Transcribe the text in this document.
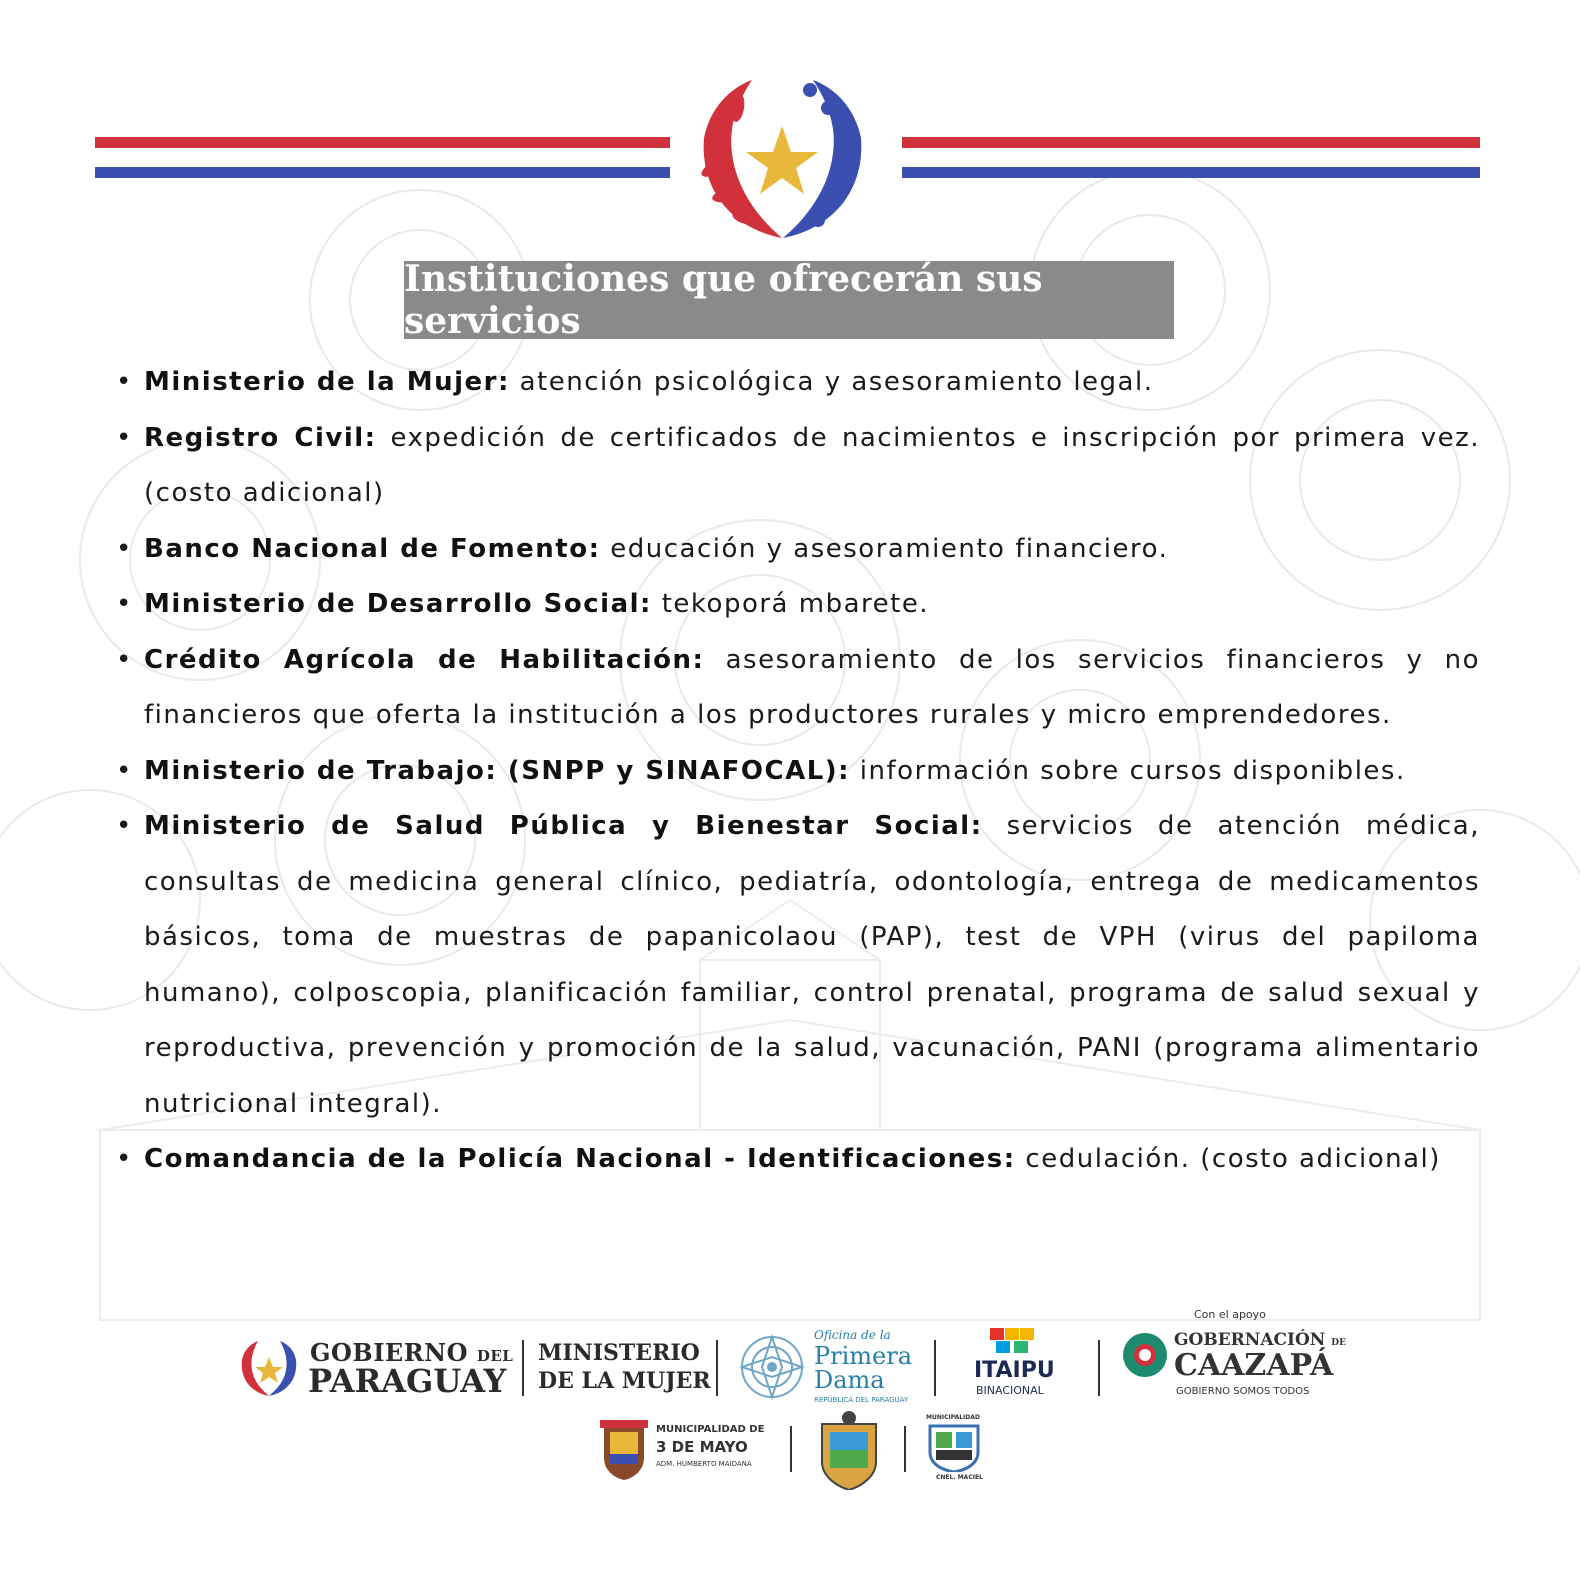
Instituciones que ofrecerán sus servicios
• Ministerio de la Mujer: atención psicológica y asesoramiento legal.
• Registro Civil: expedición de certificados de nacimientos e inscripción por primera vez. (costo adicional)
• Banco Nacional de Fomento: educación y asesoramiento financiero.
• Ministerio de Desarrollo Social: tekoporá mbarete.
• Crédito Agrícola de Habilitación: asesoramiento de los servicios financieros y no financieros que oferta la institución a los productores rurales y micro emprendedores.
• Ministerio de Trabajo: (SNPP y SINAFOCAL): información sobre cursos disponibles.
• Ministerio de Salud Pública y Bienestar Social: servicios de atención médica, consultas de medicina general clínico, pediatría, odontología, entrega de medicamentos básicos, toma de muestras de papanicolaou (PAP), test de VPH (virus del papiloma humano), colposcopia, planificación familiar, control prenatal, programa de salud sexual y reproductiva, prevención y promoción de la salud, vacunación, PANI (programa alimentario nutricional integral).
• Comandancia de la Policía Nacional - Identificaciones: cedulación. (costo adicional)
GOBIERNO DEL
PARAGUAY
MINISTERIO
DE LA MUJER
Oficina de la
Primera
Dama
REPÚBLICA DEL PARAGUAY
ITAIPU
BINACIONAL
Con el apoyo
GOBERNACIÓN DE
CAAZAPÁ
GOBIERNO SOMOS TODOS
MUNICIPALIDAD DE
3 DE MAYO
ADM. HUMBERTO MAIDANA
MUNICIPALIDAD
CNEL. MACIEL
